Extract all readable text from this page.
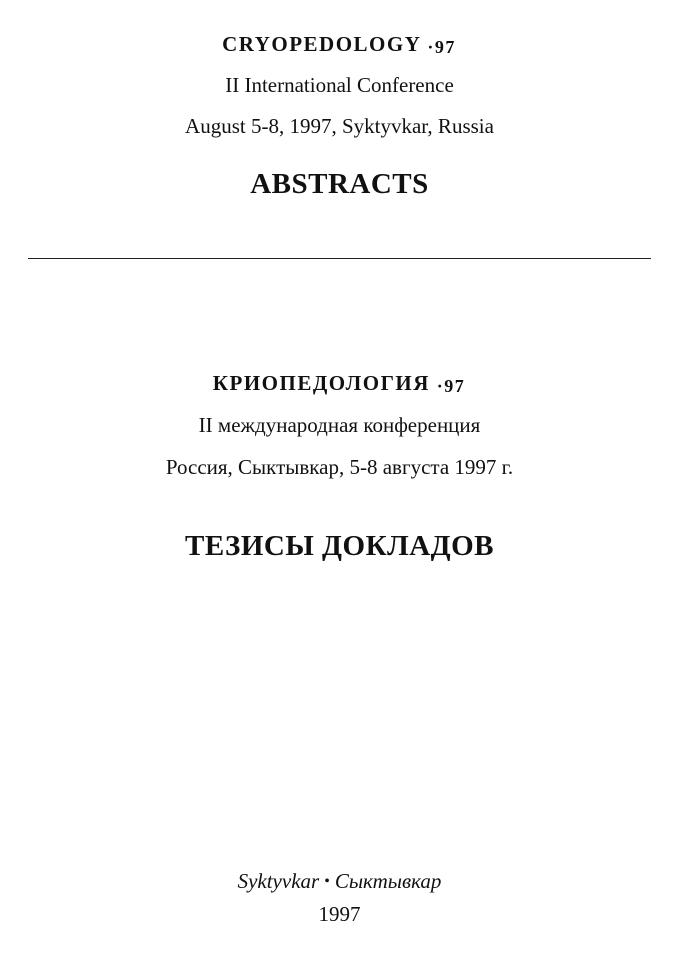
CRYOPEDOLOGY ·97
II International Conference
August 5-8, 1997, Syktyvkar, Russia
ABSTRACTS
КРИОПЕДОЛОГИЯ ·97
II международная конференция
Россия, Сыктывкар, 5-8 августа 1997 г.
ТЕЗИСЫ ДОКЛАДОВ
Syktyvkar • Сыктывкар
1997
